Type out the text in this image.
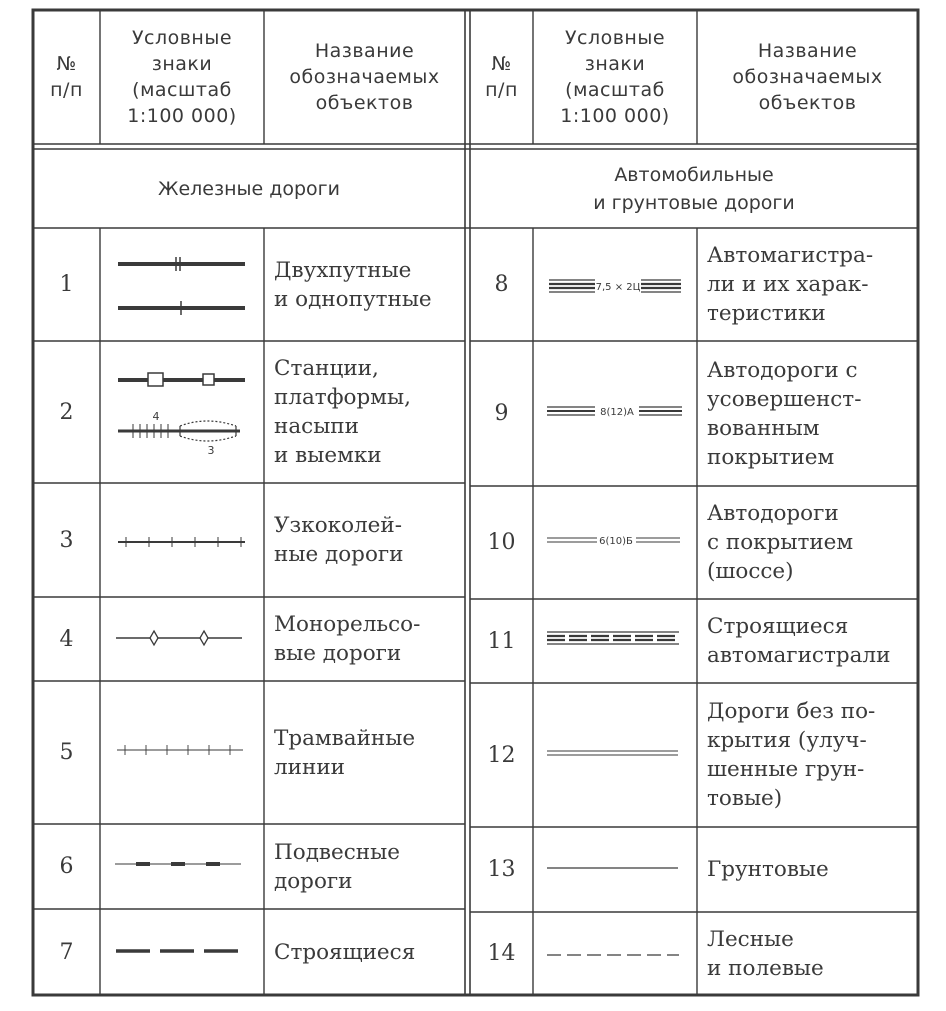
№
п/п
Условные
знаки
(масштаб
1:100 000)
Название
обозначаемых
объектов
№
п/п
Условные
знаки
(масштаб
1:100 000)
Название
обозначаемых
объектов
Железные дороги
Автомобильные
и грунтовые дороги
1
Двухпутные
и однопутные
2
Станции,
платформы,
насыпи
и выемки
3
Узкоколей-
ные дороги
4
Монорельсо-
вые дороги
5
Трамвайные
линии
6
Подвесные
дороги
7	Строящиеся
8
Автомагистра-
ли и их харак-
теристики
9
Автодороги с
усовершенст-
вованным
покрытием
10
Автодороги
с покрытием
(шоссе)
11
Строящиеся
автомагистрали
12
Дороги без по-
крытия (улуч-
шенные грун-
товые)
13	Грунтовые
14
Лесные
и полевые
4
3
7,5 × 2Ц
8(12)А
6(10)Б
